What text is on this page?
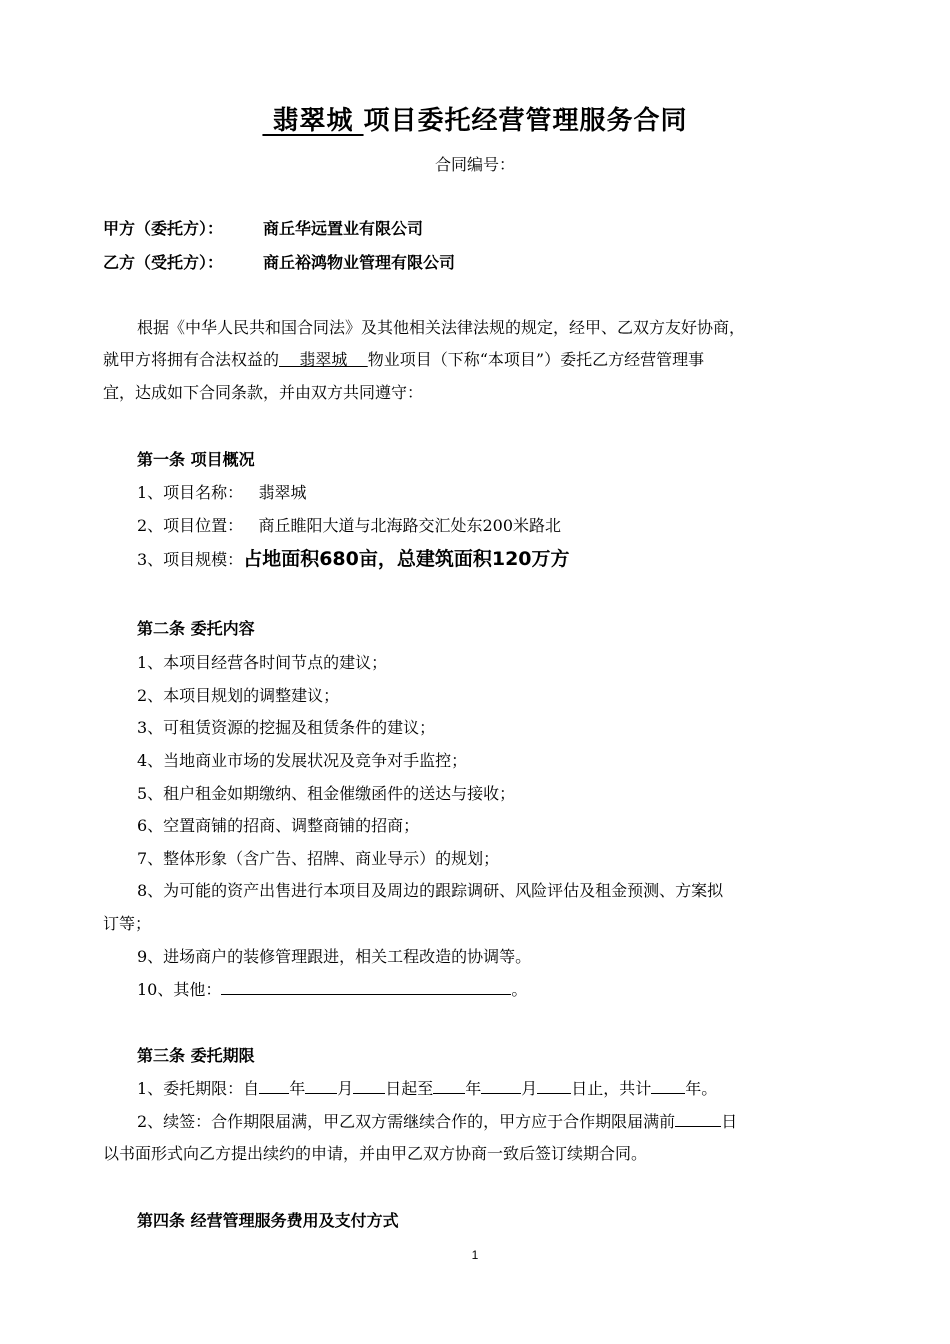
翡翠城 项目委托经营管理服务合同
合同编号：
甲方（委托方）： 商丘华远置业有限公司
乙方（受托方）： 商丘裕鸿物业管理有限公司
根据《中华人民共和国合同法》及其他相关法律法规的规定，经甲、乙双方友好协商，
就甲方将拥有合法权益的    翡翠城    物业项目（下称“本项目”）委托乙方经营管理事
宜，达成如下合同条款，并由双方共同遵守：
第一条 项目概况
1、项目名称： 翡翠城
2、项目位置： 商丘睢阳大道与北海路交汇处东200米路北
3、项目规模：占地面积680亩，总建筑面积120万方
第二条 委托内容
1、本项目经营各时间节点的建议；
2、本项目规划的调整建议；
3、可租赁资源的挖掘及租赁条件的建议；
4、当地商业市场的发展状况及竞争对手监控；
5、租户租金如期缴纳、租金催缴函件的送达与接收；
6、空置商铺的招商、调整商铺的招商；
7、整体形象（含广告、招牌、商业导示）的规划；
8、为可能的资产出售进行本项目及周边的跟踪调研、风险评估及租金预测、方案拟
订等；
9、进场商户的装修管理跟进，相关工程改造的协调等。
10、其他：	。
第三条 委托期限
1、委托期限：自 年 月 日起至 年	月 日止，共计 年。
2、续签：合作期限届满，甲乙双方需继续合作的，甲方应于合作期限届满前	日
以书面形式向乙方提出续约的申请，并由甲乙双方协商一致后签订续期合同。
第四条 经营管理服务费用及支付方式
1
